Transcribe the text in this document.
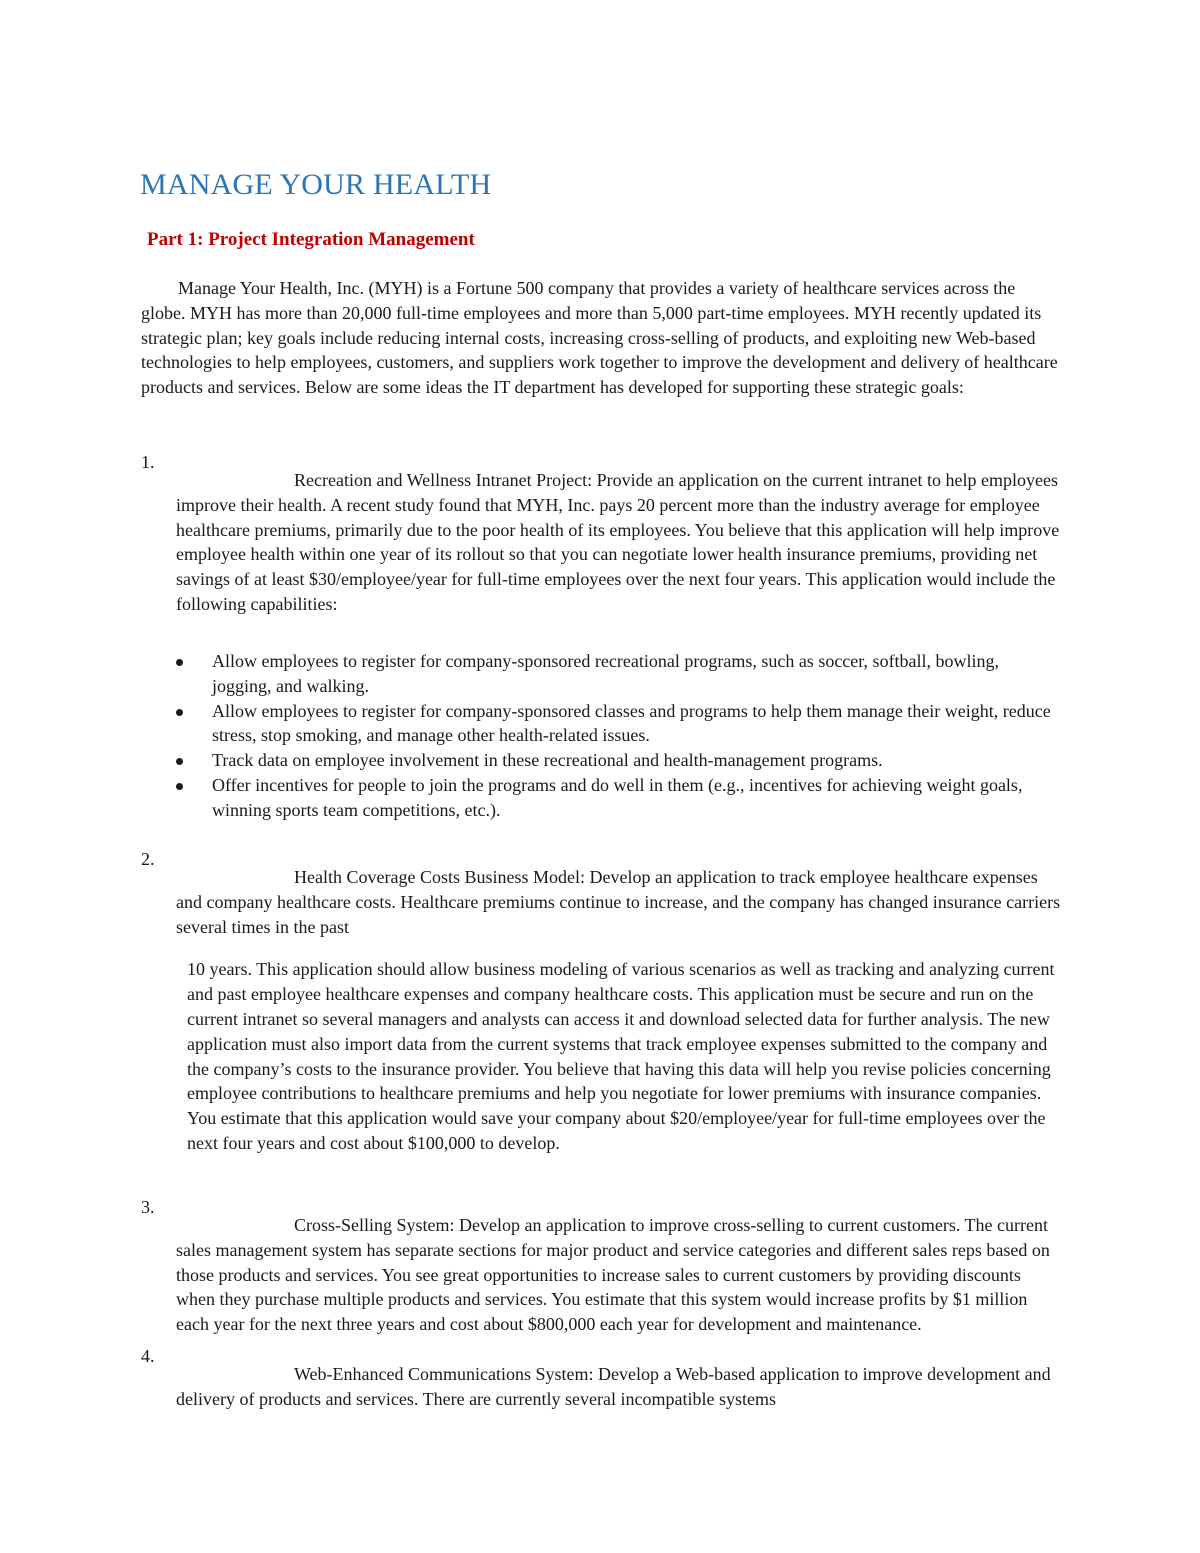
MANAGE YOUR HEALTH
Part 1: Project Integration Management

Manage Your Health, Inc. (MYH) is a Fortune 500 company that provides a variety of healthcare services across the globe. MYH has more than 20,000 full-time employees and more than 5,000 part-time employees. MYH recently updated its strategic plan; key goals include reducing internal costs, increasing cross-selling of products, and exploiting new Web-based technologies to help employees, customers, and suppliers work together to improve the development and delivery of healthcare products and services. Below are some ideas the IT department has developed for supporting these strategic goals:

1.

Recreation and Wellness Intranet Project: Provide an application on the current intranet to help employees improve their health. A recent study found that MYH, Inc. pays 20 percent more than the industry average for employee healthcare premiums, primarily due to the poor health of its employees. You believe that this application will help improve employee health within one year of its rollout so that you can negotiate lower health insurance premiums, providing net savings of at least $30/employee/year for full-time employees over the next four years. This application would include the following capabilities:

Allow employees to register for company-sponsored recreational programs, such as soccer, softball, bowling, jogging, and walking.
Allow employees to register for company-sponsored classes and programs to help them manage their weight, reduce stress, stop smoking, and manage other health-related issues.
Track data on employee involvement in these recreational and health-management programs.
Offer incentives for people to join the programs and do well in them (e.g., incentives for achieving weight goals, winning sports team competitions, etc.).
2.

Health Coverage Costs Business Model: Develop an application to track employee healthcare expenses and company healthcare costs. Healthcare premiums continue to increase, and the company has changed insurance carriers several times in the past

10 years. This application should allow business modeling of various scenarios as well as tracking and analyzing current and past employee healthcare expenses and company healthcare costs. This application must be secure and run on the current intranet so several managers and analysts can access it and download selected data for further analysis. The new application must also import data from the current systems that track employee expenses submitted to the company and the company’s costs to the insurance provider. You believe that having this data will help you revise policies concerning employee contributions to healthcare premiums and help you negotiate for lower premiums with insurance companies. You estimate that this application would save your company about $20/employee/year for full-time employees over the next four years and cost about $100,000 to develop.

3.

Cross-Selling System: Develop an application to improve cross-selling to current customers. The current sales management system has separate sections for major product and service categories and different sales reps based on those products and services. You see great opportunities to increase sales to current customers by providing discounts when they purchase multiple products and services. You estimate that this system would increase profits by $1 million each year for the next three years and cost about $800,000 each year for development and maintenance.

4.

Web-Enhanced Communications System: Develop a Web-based application to improve development and delivery of products and services. There are currently several incompatible systems
